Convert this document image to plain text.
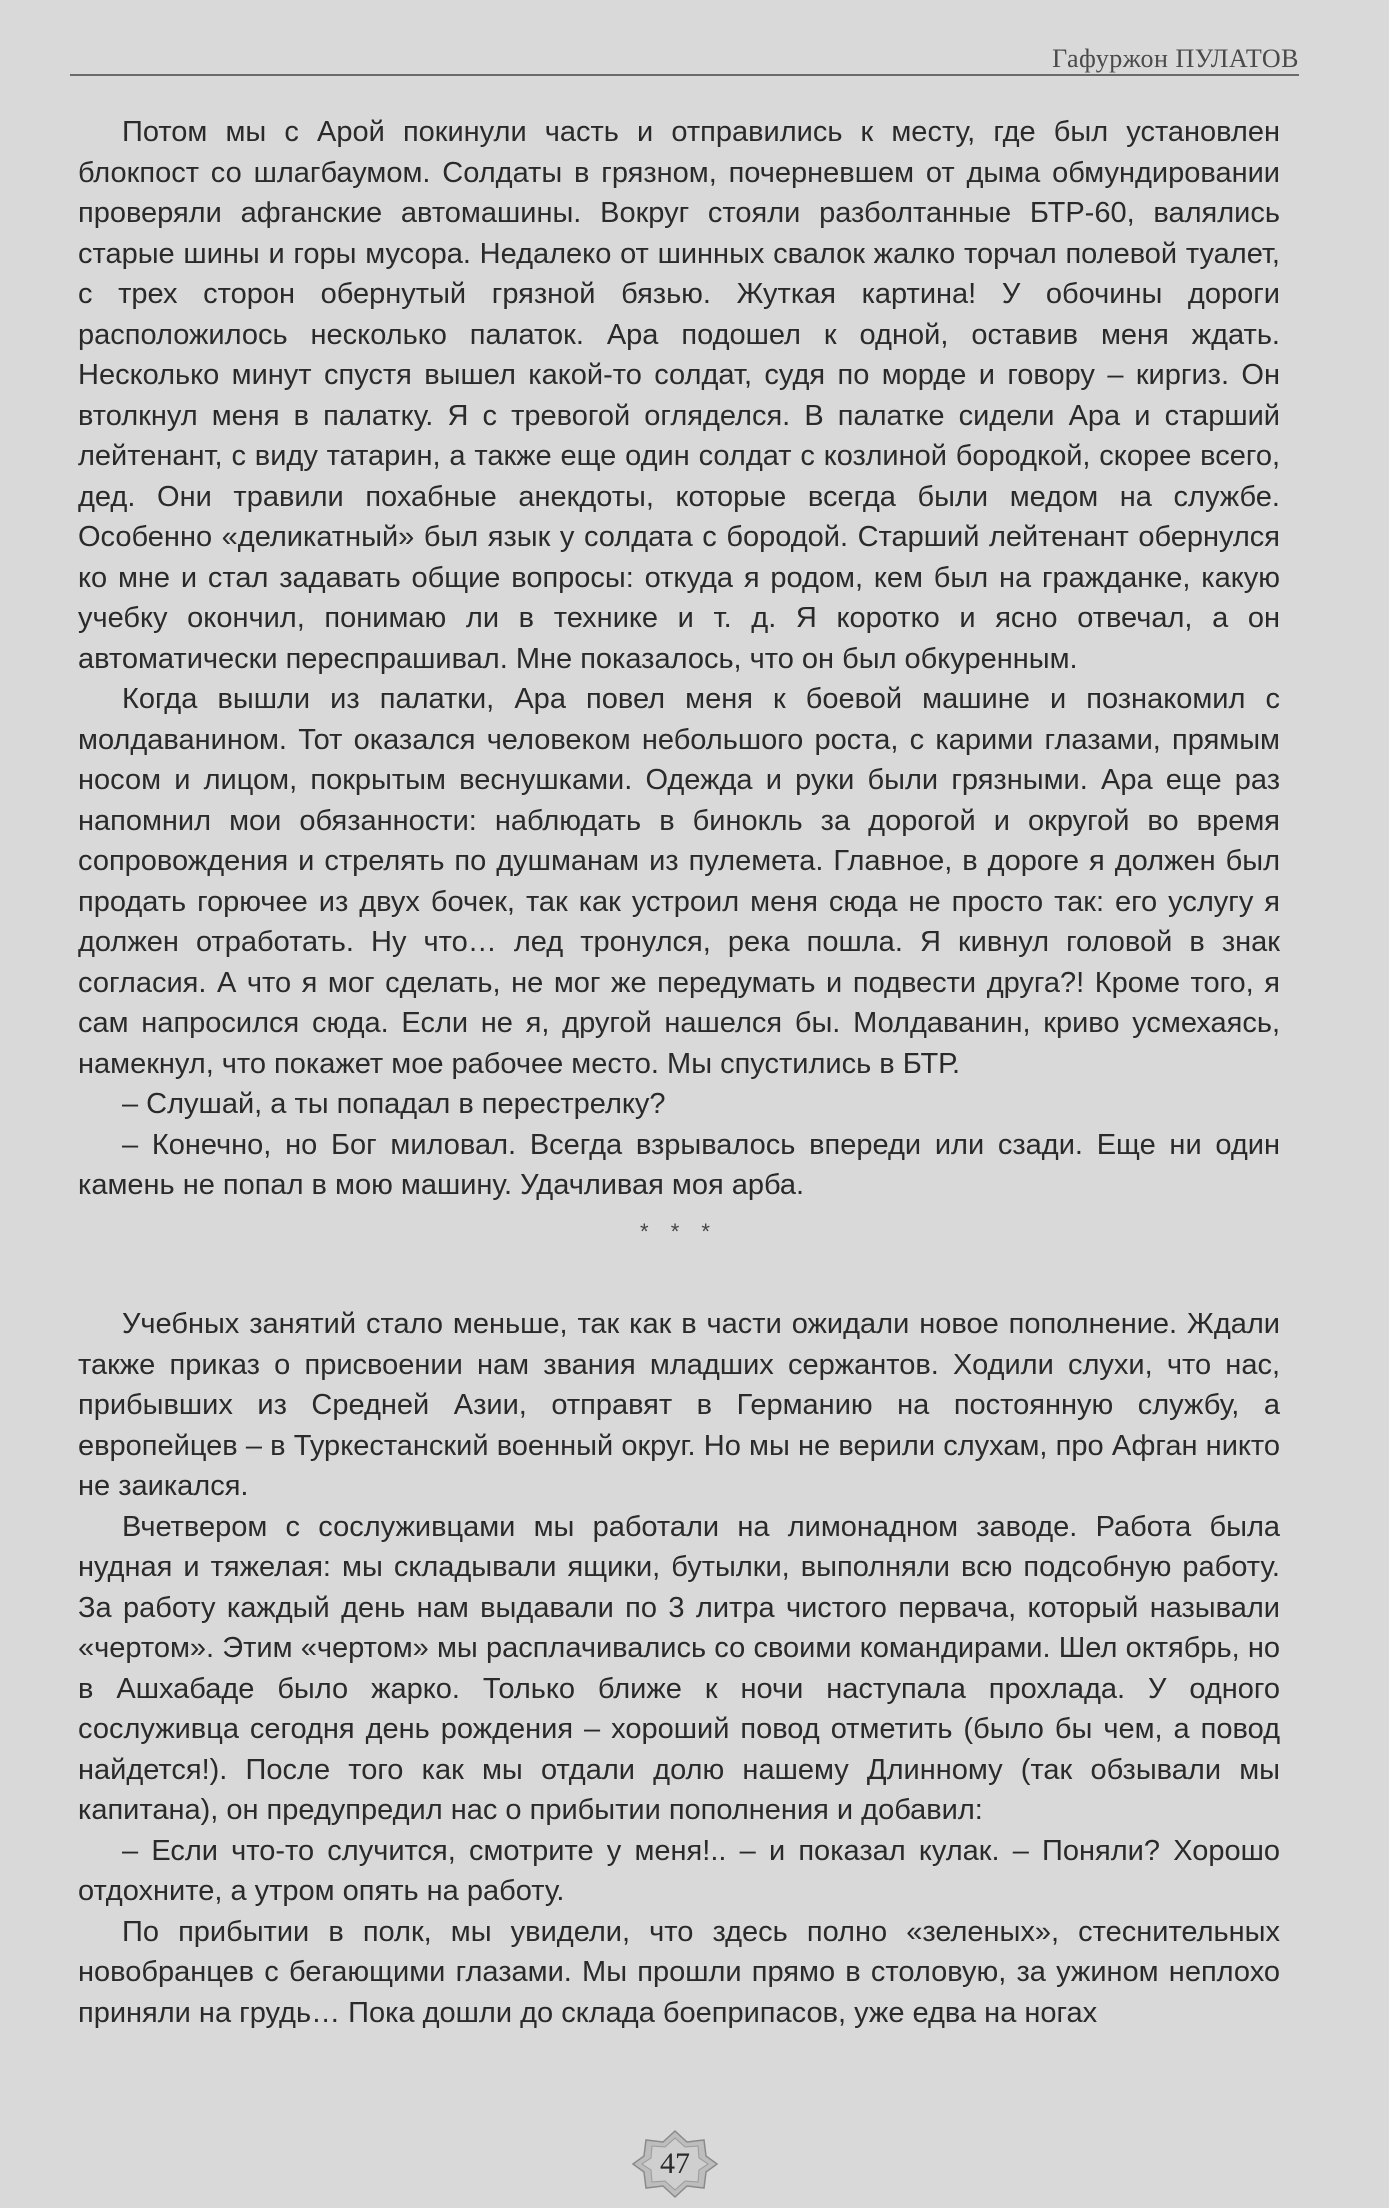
Гафуржон ПУЛАТОВ

Потом мы с Арой покинули часть и отправились к месту, где был установлен блокпост со шлагбаумом. Солдаты в грязном, почерневшем от дыма обмундировании проверяли афганские автомашины. Вокруг стояли разболтанные БТР-60, валялись старые шины и горы мусора. Недалеко от шинных свалок жалко торчал полевой туалет, с трех сторон обернутый грязной бязью. Жуткая картина! У обочины дороги расположилось несколько палаток. Ара подошел к одной, оставив меня ждать. Несколько минут спустя вышел какой-то солдат, судя по морде и говору – киргиз. Он втолкнул меня в палатку. Я с тревогой огляделся. В палатке сидели Ара и старший лейтенант, с виду татарин, а также еще один солдат с козлиной бородкой, скорее всего, дед. Они травили похабные анекдоты, которые всегда были медом на службе. Особенно «деликатный» был язык у солдата с бородой. Старший лейтенант обернулся ко мне и стал задавать общие вопросы: откуда я родом, кем был на гражданке, какую учебку окончил, понимаю ли в технике и т. д. Я коротко и ясно отвечал, а он автоматически переспрашивал. Мне показалось, что он был обкуренным.

Когда вышли из палатки, Ара повел меня к боевой машине и познакомил с молдаванином. Тот оказался человеком небольшого роста, с карими глазами, прямым носом и лицом, покрытым веснушками. Одежда и руки были грязными. Ара еще раз напомнил мои обязанности: наблюдать в бинокль за дорогой и округой во время сопровождения и стрелять по душманам из пулемета. Главное, в дороге я должен был продать горючее из двух бочек, так как устроил меня сюда не просто так: его услугу я должен отработать. Ну что… лед тронулся, река пошла. Я кивнул головой в знак согласия. А что я мог сделать, не мог же передумать и подвести друга?! Кроме того, я сам напросился сюда. Если не я, другой нашелся бы. Молдаванин, криво усмехаясь, намекнул, что покажет мое рабочее место. Мы спустились в БТР.

– Слушай, а ты попадал в перестрелку?

– Конечно, но Бог миловал. Всегда взрывалось впереди или сзади. Еще ни один камень не попал в мою машину. Удачливая моя арба.

* * *

Учебных занятий стало меньше, так как в части ожидали новое пополнение. Ждали также приказ о присвоении нам звания младших сержантов. Ходили слухи, что нас, прибывших из Средней Азии, отправят в Германию на постоянную службу, а европейцев – в Туркестанский военный округ. Но мы не верили слухам, про Афган никто не заикался.

Вчетвером с сослуживцами мы работали на лимонадном заводе. Работа была нудная и тяжелая: мы складывали ящики, бутылки, выполняли всю подсобную работу. За работу каждый день нам выдавали по 3 литра чистого первача, который называли «чертом». Этим «чертом» мы расплачивались со своими командирами. Шел октябрь, но в Ашхабаде было жарко. Только ближе к ночи наступала прохлада. У одного сослуживца сегодня день рождения – хороший повод отметить (было бы чем, а повод найдется!). После того как мы отдали долю нашему Длинному (так обзывали мы капитана), он предупредил нас о прибытии пополнения и добавил:

– Если что-то случится, смотрите у меня!.. – и показал кулак. – Поняли? Хорошо отдохните, а утром опять на работу.

По прибытии в полк, мы увидели, что здесь полно «зеленых», стеснительных новобранцев с бегающими глазами. Мы прошли прямо в столовую, за ужином неплохо приняли на грудь… Пока дошли до склада боеприпасов, уже едва на ногах

47
